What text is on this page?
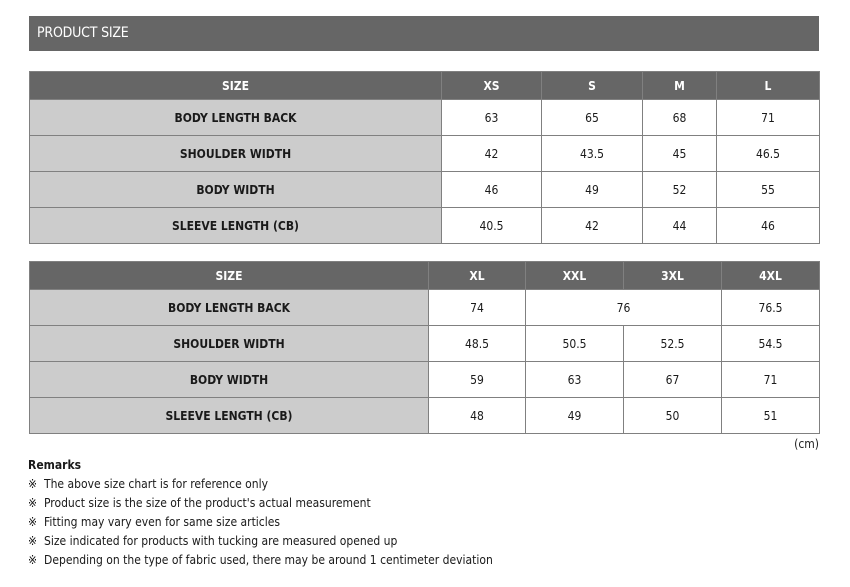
PRODUCT SIZE
SIZE	XS	S	M	L
BODY LENGTH BACK	63	65	68	71
SHOULDER WIDTH	42	43.5	45	46.5
BODY WIDTH	46	49	52	55
SLEEVE LENGTH (CB)	40.5	42	44	46
SIZE	XL	XXL	3XL	4XL
BODY LENGTH BACK	74	76		76.5
SHOULDER WIDTH	48.5	50.5	52.5	54.5
BODY WIDTH	59	63	67	71
SLEEVE LENGTH (CB)	48	49	50	51
(cm)
Remarks
※ The above size chart is for reference only
※ Product size is the size of the product's actual measurement
※ Fitting may vary even for same size articles
※ Size indicated for products with tucking are measured opened up
※ Depending on the type of fabric used, there may be around 1 centimeter deviation
